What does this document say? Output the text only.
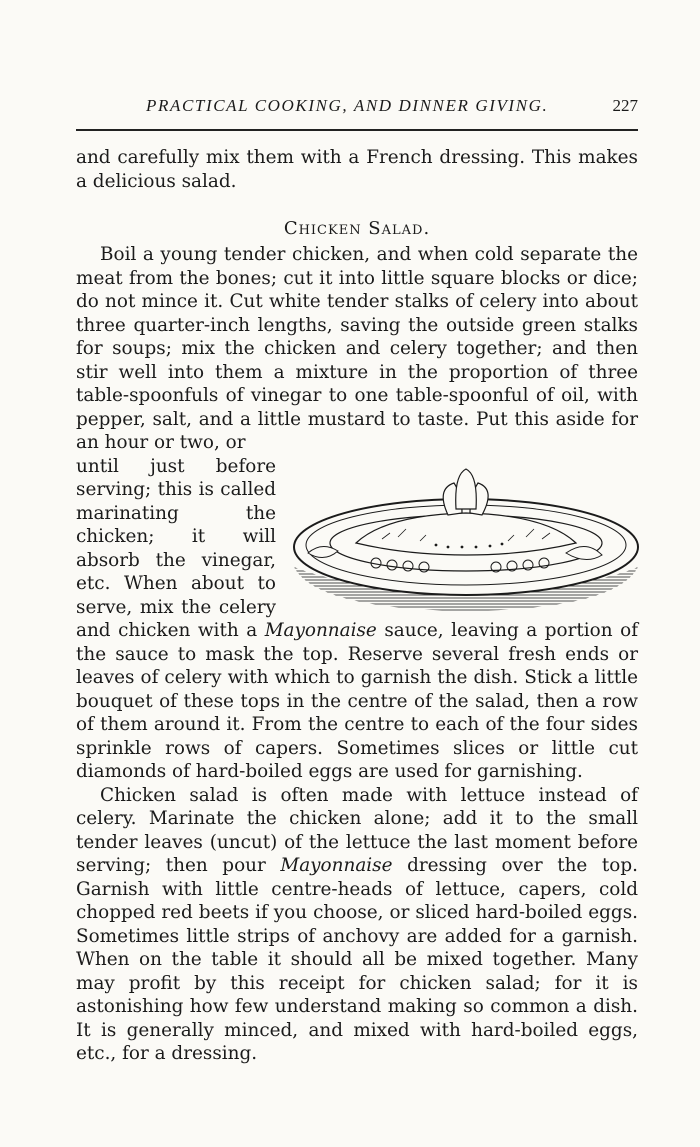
PRACTICAL COOKING, AND DINNER GIVING.	227

and carefully mix them with a French dressing. This makes a delicious salad.

Chicken Salad.

Boil a young tender chicken, and when cold separate the meat from the bones; cut it into little square blocks or dice; do not mince it. Cut white tender stalks of celery into about three quarter-inch lengths, saving the outside green stalks for soups; mix the chicken and celery together; and then stir well into them a mixture in the proportion of three table-spoonfuls of vinegar to one table-spoonful of oil, with pepper, salt, and a little mustard to taste. Put this aside for an hour or two, or

until just before serving; this is called marinating the chicken; it will absorb the vinegar, etc. When about to serve, mix the celery and chicken with a Mayonnaise sauce, leaving a portion of the sauce to mask the top. Reserve several fresh ends or leaves of celery with which to garnish the dish. Stick a little bouquet of these tops in the centre of the salad, then a row of them around it. From the centre to each of the four sides sprinkle rows of capers. Sometimes slices or little cut diamonds of hard-boiled eggs are used for garnishing.

Chicken salad is often made with lettuce instead of celery. Marinate the chicken alone; add it to the small tender leaves (uncut) of the lettuce the last moment before serving; then pour Mayonnaise dressing over the top. Garnish with little centre-heads of lettuce, capers, cold chopped red beets if you choose, or sliced hard-boiled eggs. Sometimes little strips of anchovy are added for a garnish. When on the table it should all be mixed together. Many may profit by this receipt for chicken salad; for it is astonishing how few understand making so common a dish. It is generally minced, and mixed with hard-boiled eggs, etc., for a dressing.
